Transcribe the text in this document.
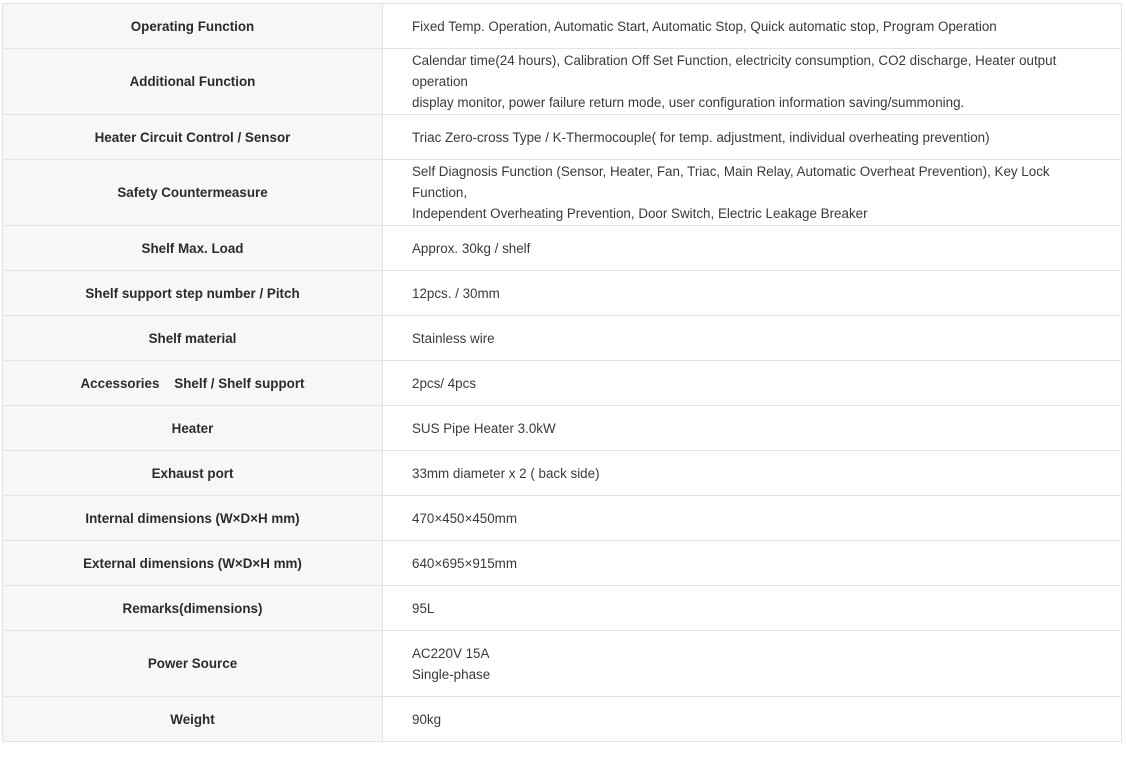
Operating Function	Fixed Temp. Operation, Automatic Start, Automatic Stop, Quick automatic stop, Program Operation

Additional Function	Calendar time(24 hours), Calibration Off Set Function, electricity consumption, CO2 discharge, Heater output operation
display monitor, power failure return mode, user configuration information saving/summoning.

Heater Circuit Control / Sensor	Triac Zero-cross Type / K-Thermocouple( for temp. adjustment, individual overheating prevention)

Safety Countermeasure	Self Diagnosis Function (Sensor, Heater, Fan, Triac, Main Relay, Automatic Overheat Prevention), Key Lock Function,
Independent Overheating Prevention, Door Switch, Electric Leakage Breaker

Shelf Max. Load	Approx. 30kg / shelf

Shelf support step number / Pitch	12pcs. / 30mm

Shelf material	Stainless wire

Accessories    Shelf / Shelf support	2pcs/ 4pcs

Heater	SUS Pipe Heater 3.0kW

Exhaust port	33mm diameter x 2 ( back side)

Internal dimensions (W×D×H mm)	470×450×450mm

External dimensions (W×D×H mm)	640×695×915mm

Remarks(dimensions)	95L

Power Source	AC220V 15A
Single-phase

Weight	90kg
